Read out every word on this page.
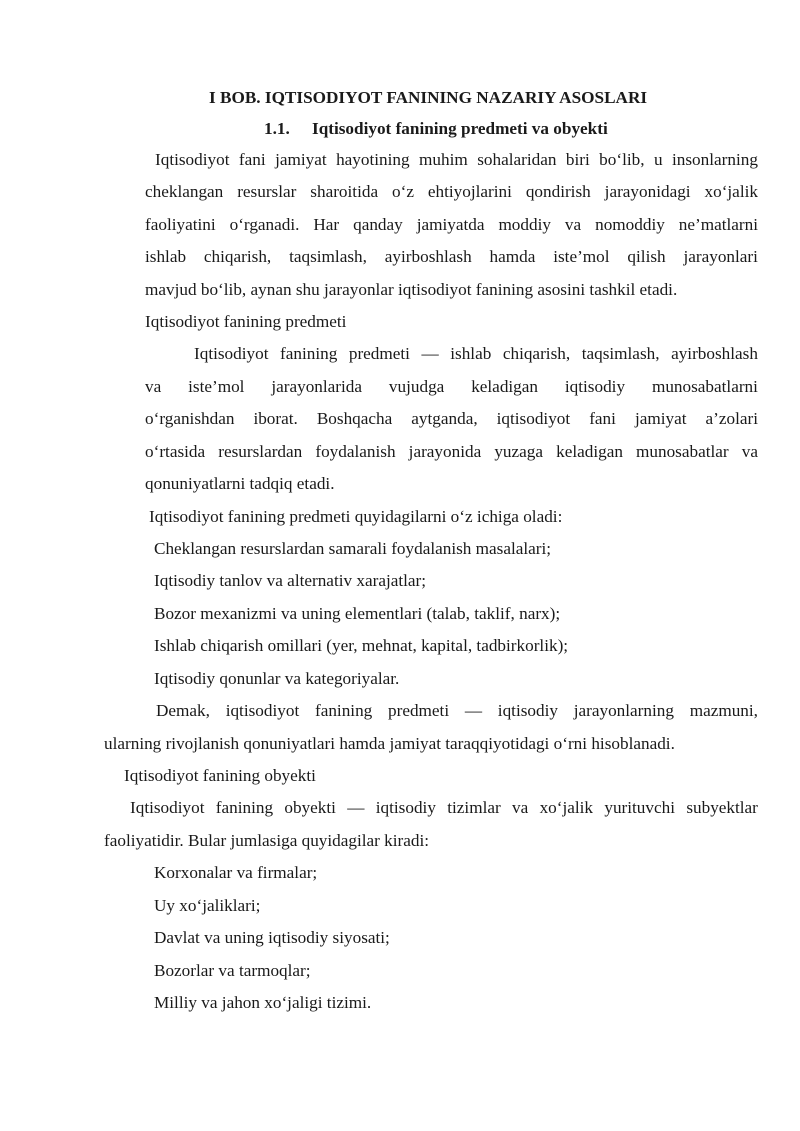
I BOB. IQTISODIYOT FANINING NAZARIY ASOSLARI
1.1. Iqtisodiyot fanining predmeti va obyekti
Iqtisodiyot fani jamiyat hayotining muhim sohalaridan biri bo‘lib, u insonlarning
cheklangan resurslar sharoitida o‘z ehtiyojlarini qondirish jarayonidagi xo‘jalik
faoliyatini o‘rganadi. Har qanday jamiyatda moddiy va nomoddiy ne’matlarni
ishlab chiqarish, taqsimlash, ayirboshlash hamda iste’mol qilish jarayonlari
mavjud bo‘lib, aynan shu jarayonlar iqtisodiyot fanining asosini tashkil etadi.
Iqtisodiyot fanining predmeti
Iqtisodiyot fanining predmeti — ishlab chiqarish, taqsimlash, ayirboshlash
va iste’mol jarayonlarida vujudga keladigan iqtisodiy munosabatlarni
o‘rganishdan iborat. Boshqacha aytganda, iqtisodiyot fani jamiyat a’zolari
o‘rtasida resurslardan foydalanish jarayonida yuzaga keladigan munosabatlar va
qonuniyatlarni tadqiq etadi.
Iqtisodiyot fanining predmeti quyidagilarni o‘z ichiga oladi:
Cheklangan resurslardan samarali foydalanish masalalari;
Iqtisodiy tanlov va alternativ xarajatlar;
Bozor mexanizmi va uning elementlari (talab, taklif, narx);
Ishlab chiqarish omillari (yer, mehnat, kapital, tadbirkorlik);
Iqtisodiy qonunlar va kategoriyalar.
Demak, iqtisodiyot fanining predmeti — iqtisodiy jarayonlarning mazmuni,
ularning rivojlanish qonuniyatlari hamda jamiyat taraqqiyotidagi o‘rni hisoblanadi.
Iqtisodiyot fanining obyekti
Iqtisodiyot fanining obyekti — iqtisodiy tizimlar va xo‘jalik yurituvchi subyektlar
faoliyatidir. Bular jumlasiga quyidagilar kiradi:
Korxonalar va firmalar;
Uy xo‘jaliklari;
Davlat va uning iqtisodiy siyosati;
Bozorlar va tarmoqlar;
Milliy va jahon xo‘jaligi tizimi.
